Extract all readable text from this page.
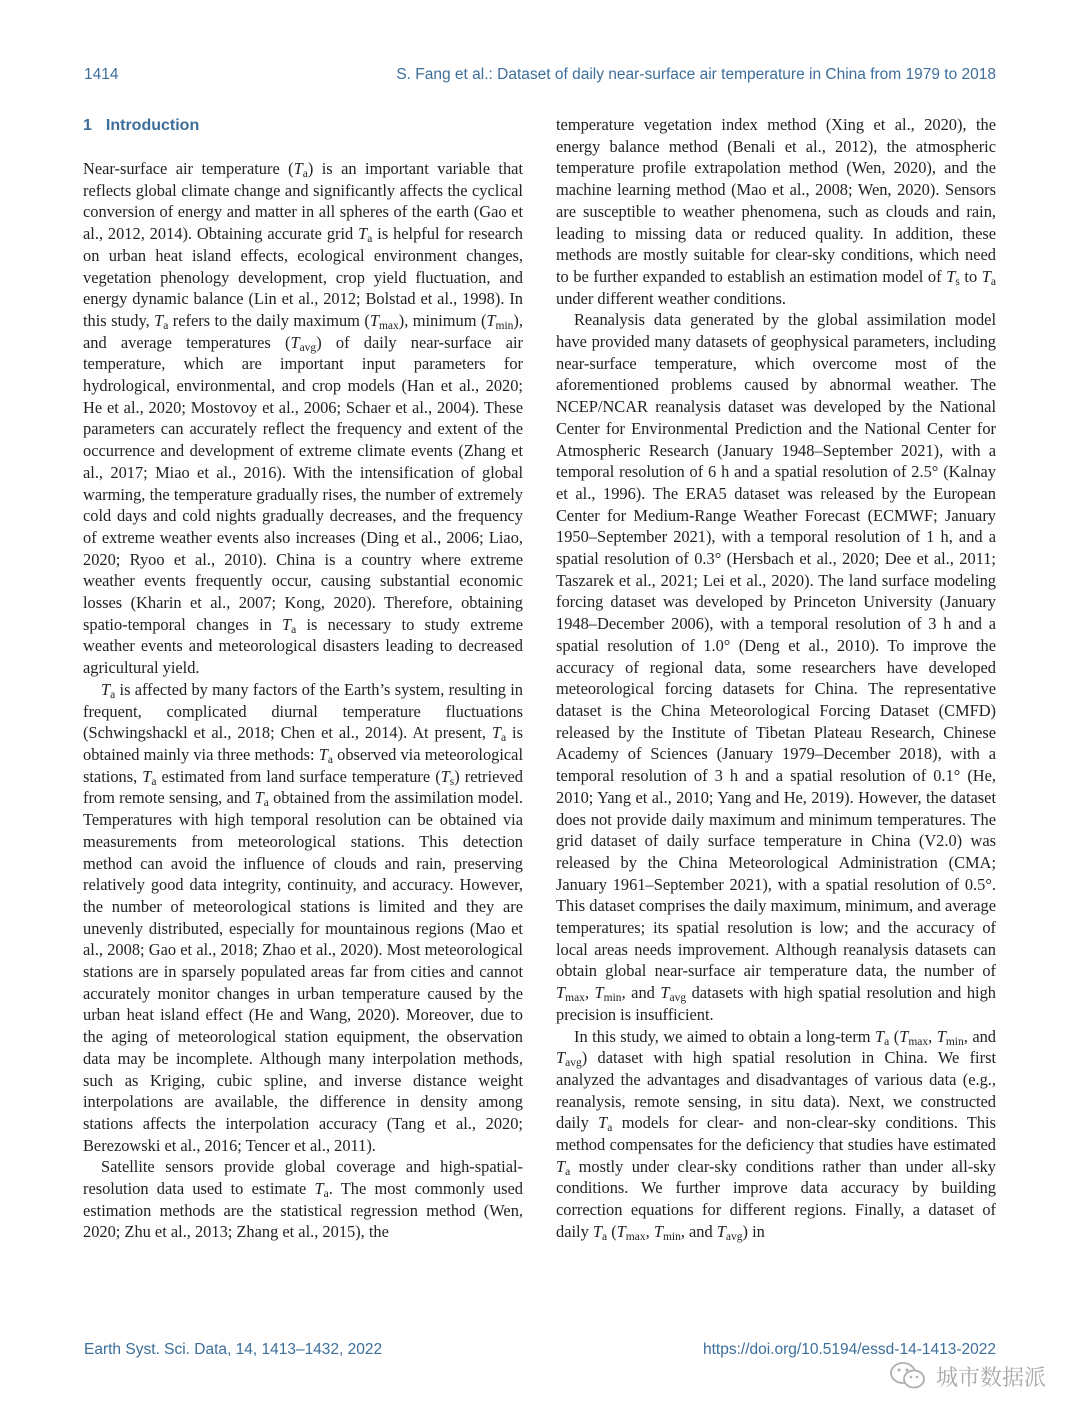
1414	S. Fang et al.: Dataset of daily near-surface air temperature in China from 1979 to 2018
1 Introduction

Near-surface air temperature $(T_a)$ is an important variable that reflects global climate change and significantly affects the cyclical conversion of energy and matter in all spheres of the earth (Gao et al., 2012, 2014). Obtaining accurate grid $T_a$ is helpful for research on urban heat island effects, ecological environment changes, vegetation phenology development, crop yield fluctuation, and energy dynamic balance (Lin et al., 2012; Bolstad et al., 1998). In this study, $T_a$ refers to the daily maximum $(T_{max})$, minimum $(T_{min})$, and average temperatures $(T_{avg})$ of daily near-surface air temperature, which are important input parameters for hydrological, environmental, and crop models (Han et al., 2020; He et al., 2020; Mostovoy et al., 2006; Schaer et al., 2004). These parameters can accurately reflect the frequency and extent of the occurrence and development of extreme climate events (Zhang et al., 2017; Miao et al., 2016). With the intensification of global warming, the temperature gradually rises, the number of extremely cold days and cold nights gradually decreases, and the frequency of extreme weather events also increases (Ding et al., 2006; Liao, 2020; Ryoo et al., 2010). China is a country where extreme weather events frequently occur, causing substantial economic losses (Kharin et al., 2007; Kong, 2020). Therefore, obtaining spatio-temporal changes in $T_a$ is necessary to study extreme weather events and meteorological disasters leading to decreased agricultural yield.

$T_a$ is affected by many factors of the Earth’s system, resulting in frequent, complicated diurnal temperature fluctuations (Schwingshackl et al., 2018; Chen et al., 2014). At present, $T_a$ is obtained mainly via three methods: $T_a$ observed via meteorological stations, $T_a$ estimated from land surface temperature $(T_s)$ retrieved from remote sensing, and $T_a$ obtained from the assimilation model. Temperatures with high temporal resolution can be obtained via measurements from meteorological stations. This detection method can avoid the influence of clouds and rain, preserving relatively good data integrity, continuity, and accuracy. However, the number of meteorological stations is limited and they are unevenly distributed, especially for mountainous regions (Mao et al., 2008; Gao et al., 2018; Zhao et al., 2020). Most meteorological stations are in sparsely populated areas far from cities and cannot accurately monitor changes in urban temperature caused by the urban heat island effect (He and Wang, 2020). Moreover, due to the aging of meteorological station equipment, the observation data may be incomplete. Although many interpolation methods, such as Kriging, cubic spline, and inverse distance weight interpolations are available, the difference in density among stations affects the interpolation accuracy (Tang et al., 2020; Berezowski et al., 2016; Tencer et al., 2011).

Satellite sensors provide global coverage and high-spatial-resolution data used to estimate $T_a$. The most commonly used estimation methods are the statistical regression method (Wen, 2020; Zhu et al., 2013; Zhang et al., 2015), the

temperature vegetation index method (Xing et al., 2020), the energy balance method (Benali et al., 2012), the atmospheric temperature profile extrapolation method (Wen, 2020), and the machine learning method (Mao et al., 2008; Wen, 2020). Sensors are susceptible to weather phenomena, such as clouds and rain, leading to missing data or reduced quality. In addition, these methods are mostly suitable for clear-sky conditions, which need to be further expanded to establish an estimation model of $T_s$ to $T_a$ under different weather conditions.

Reanalysis data generated by the global assimilation model have provided many datasets of geophysical parameters, including near-surface temperature, which overcome most of the aforementioned problems caused by abnormal weather. The NCEP/NCAR reanalysis dataset was developed by the National Center for Environmental Prediction and the National Center for Atmospheric Research (January 1948–September 2021), with a temporal resolution of 6 h and a spatial resolution of 2.5° (Kalnay et al., 1996). The ERA5 dataset was released by the European Center for Medium-Range Weather Forecast (ECMWF; January 1950–September 2021), with a temporal resolution of 1 h, and a spatial resolution of 0.3° (Hersbach et al., 2020; Dee et al., 2011; Taszarek et al., 2021; Lei et al., 2020). The land surface modeling forcing dataset was developed by Princeton University (January 1948–December 2006), with a temporal resolution of 3 h and a spatial resolution of 1.0° (Deng et al., 2010). To improve the accuracy of regional data, some researchers have developed meteorological forcing datasets for China. The representative dataset is the China Meteorological Forcing Dataset (CMFD) released by the Institute of Tibetan Plateau Research, Chinese Academy of Sciences (January 1979–December 2018), with a temporal resolution of 3 h and a spatial resolution of 0.1° (He, 2010; Yang et al., 2010; Yang and He, 2019). However, the dataset does not provide daily maximum and minimum temperatures. The grid dataset of daily surface temperature in China (V2.0) was released by the China Meteorological Administration (CMA; January 1961–September 2021), with a spatial resolution of 0.5°. This dataset comprises the daily maximum, minimum, and average temperatures; its spatial resolution is low; and the accuracy of local areas needs improvement. Although reanalysis datasets can obtain global near-surface air temperature data, the number of $T_{max}$, $T_{min}$, and $T_{avg}$ datasets with high spatial resolution and high precision is insufficient.

In this study, we aimed to obtain a long-term $T_a$ ($T_{max}$, $T_{min}$, and $T_{avg}$) dataset with high spatial resolution in China. We first analyzed the advantages and disadvantages of various data (e.g., reanalysis, remote sensing, in situ data). Next, we constructed daily $T_a$ models for clear- and non-clear-sky conditions. This method compensates for the deficiency that studies have estimated $T_a$ mostly under clear-sky conditions rather than under all-sky conditions. We further improve data accuracy by building correction equations for different regions. Finally, a dataset of daily $T_a$ ($T_{max}$, $T_{min}$, and $T_{avg}$) in

Earth Syst. Sci. Data, 14, 1413–1432, 2022	https://doi.org/10.5194/essd-14-1413-2022
城市数据派
